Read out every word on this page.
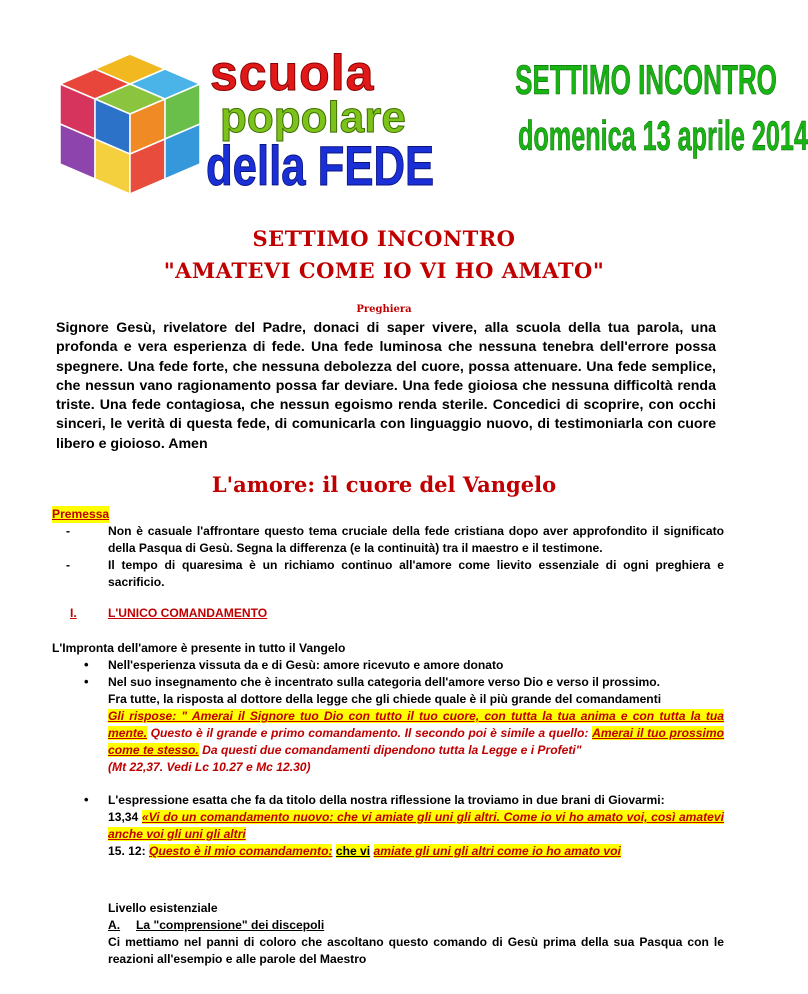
scuola
popolare
della FEDE
SETTIMO INCONTRO
domenica 13 aprile 2014
SETTIMO INCONTRO
"AMATEVI COME IO VI HO AMATO"
Preghiera
Signore Gesù, rivelatore del Padre, donaci di saper vivere, alla scuola della tua parola, una profonda e vera esperienza di fede. Una fede luminosa che nessuna tenebra dell'errore possa spegnere. Una fede forte, che nessuna debolezza del cuore, possa attenuare. Una fede semplice, che nessun vano ragionamento possa far deviare. Una fede gioiosa che nessuna difficoltà renda triste. Una fede contagiosa, che nessun egoismo renda sterile. Concedici di scoprire, con occhi sinceri, le verità di questa fede, di comunicarla con linguaggio nuovo, di testimoniarla con cuore libero e gioioso. Amen
L'amore: il cuore del Vangelo
Premessa
-	Non è casuale l'affrontare questo tema cruciale della fede cristiana dopo aver approfondito il significato della Pasqua di Gesù. Segna la differenza (e la continuità) tra il maestro e il testimone.
-	Il tempo di quaresima è un richiamo continuo all'amore come lievito essenziale di ogni preghiera e sacrificio.
I.	L'UNICO COMANDAMENTO
L'Impronta dell'amore è presente in tutto il Vangelo
• Nell'esperienza vissuta da e di Gesù: amore ricevuto e amore donato
• Nel suo insegnamento che è incentrato sulla categoria dell'amore verso Dio e verso il prossimo.
Fra tutte, la risposta al dottore della legge che gli chiede quale è il più grande del comandamenti
Gli rispose: " Amerai il Signore tuo Dio con tutto il tuo cuore, con tutta la tua anima e con tutta la tua mente. Questo è il grande e primo comandamento. Il secondo poi è simile a quello: Amerai il tuo prossimo come te stesso. Da questi due comandamenti dipendono tutta la Legge e i Profeti"
(Mt 22,37. Vedi Lc 10.27 e Mc 12.30)
• L'espressione esatta che fa da titolo della nostra riflessione la troviamo in due brani di Giovarmi:
13,34 «Vi do un comandamento nuovo: che vi amiate gli uni gli altri. Come io vi ho amato voi, così amatevi anche voi gli uni gli altri
15. 12: Questo è il mio comandamento: che vi amiate gli uni gli altri come io ho amato voi
Livello esistenziale
A. La "comprensione" dei discepoli
Ci mettiamo nel panni di coloro che ascoltano questo comando di Gesù prima della sua Pasqua con le reazioni all'esempio e alle parole del Maestro
